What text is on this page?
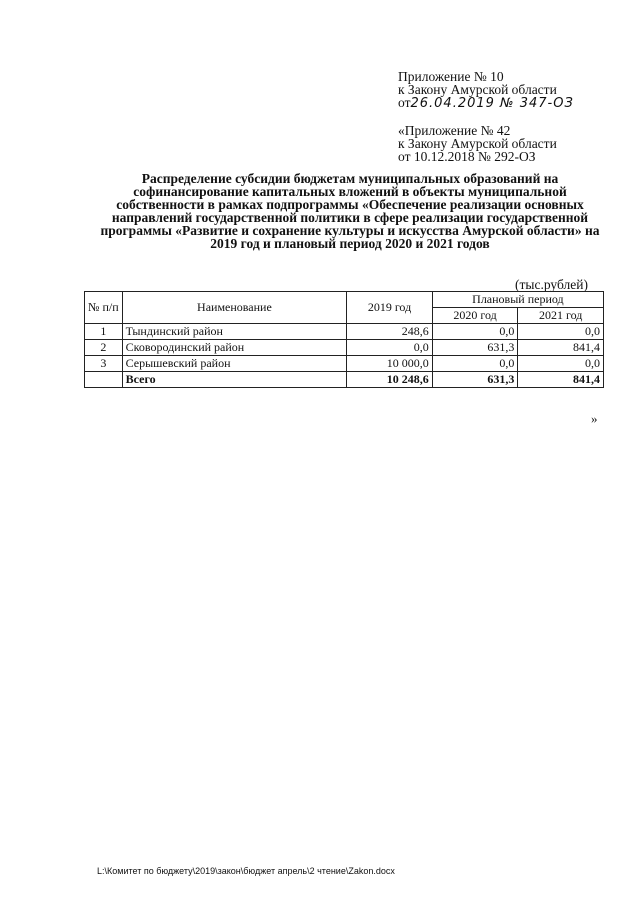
Приложение № 10
к Закону Амурской области
от26.04.2019 № 347-ОЗ
«Приложение № 42
к Закону Амурской области
от 10.12.2018 № 292-ОЗ
Распределение субсидии бюджетам муниципальных образований на софинансирование капитальных вложений в объекты муниципальной собственности в рамках подпрограммы «Обеспечение реализации основных направлений государственной политики в сфере реализации государственной программы «Развитие и сохранение культуры и искусства Амурской области» на 2019 год и плановый период 2020 и 2021 годов
(тыс.рублей)
№ п/п	Наименование	2019 год	Плановый период	
			2020 год	2021 год
1	Тындинский район	248,6	0,0	0,0
2	Сковородинский район	0,0	631,3	841,4
3	Серышевский район	10 000,0	0,0	0,0
	Всего	10 248,6	631,3	841,4
»
L:\Комитет по бюджету\2019\закон\бюджет апрель\2 чтение\Zakon.docx
